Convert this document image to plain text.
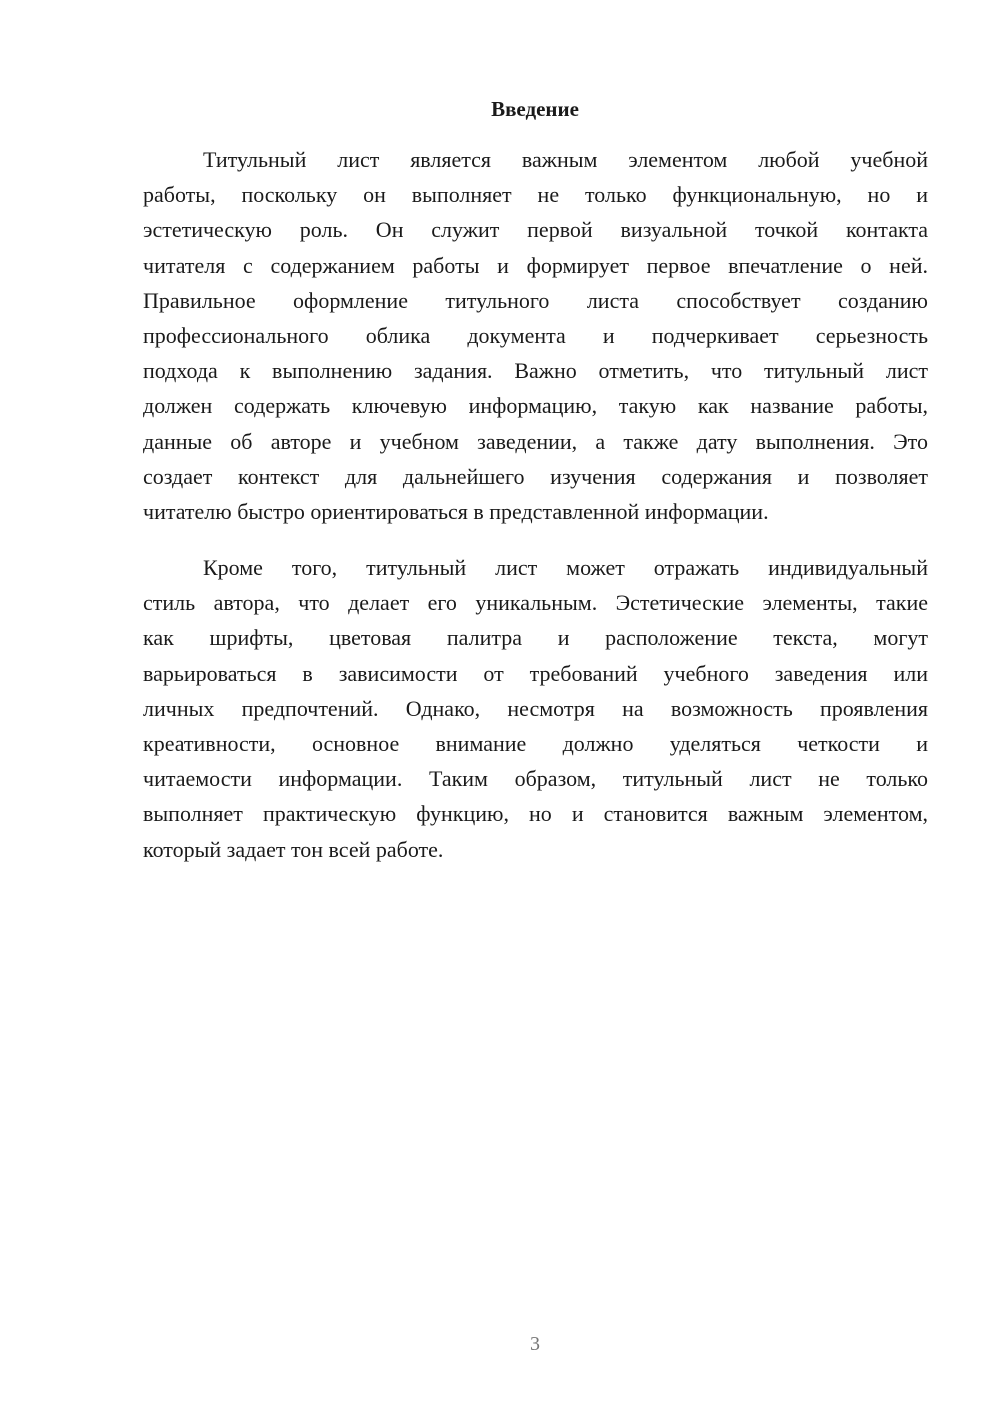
Введение
Титульный лист является важным элементом любой учебной
работы, поскольку он выполняет не только функциональную, но и
эстетическую роль. Он служит первой визуальной точкой контакта
читателя с содержанием работы и формирует первое впечатление о ней.
Правильное оформление титульного листа способствует созданию
профессионального облика документа и подчеркивает серьезность
подхода к выполнению задания. Важно отметить, что титульный лист
должен содержать ключевую информацию, такую как название работы,
данные об авторе и учебном заведении, а также дату выполнения. Это
создает контекст для дальнейшего изучения содержания и позволяет
читателю быстро ориентироваться в представленной информации.
Кроме того, титульный лист может отражать индивидуальный
стиль автора, что делает его уникальным. Эстетические элементы, такие
как шрифты, цветовая палитра и расположение текста, могут
варьироваться в зависимости от требований учебного заведения или
личных предпочтений. Однако, несмотря на возможность проявления
креативности, основное внимание должно уделяться четкости и
читаемости информации. Таким образом, титульный лист не только
выполняет практическую функцию, но и становится важным элементом,
который задает тон всей работе.
3
